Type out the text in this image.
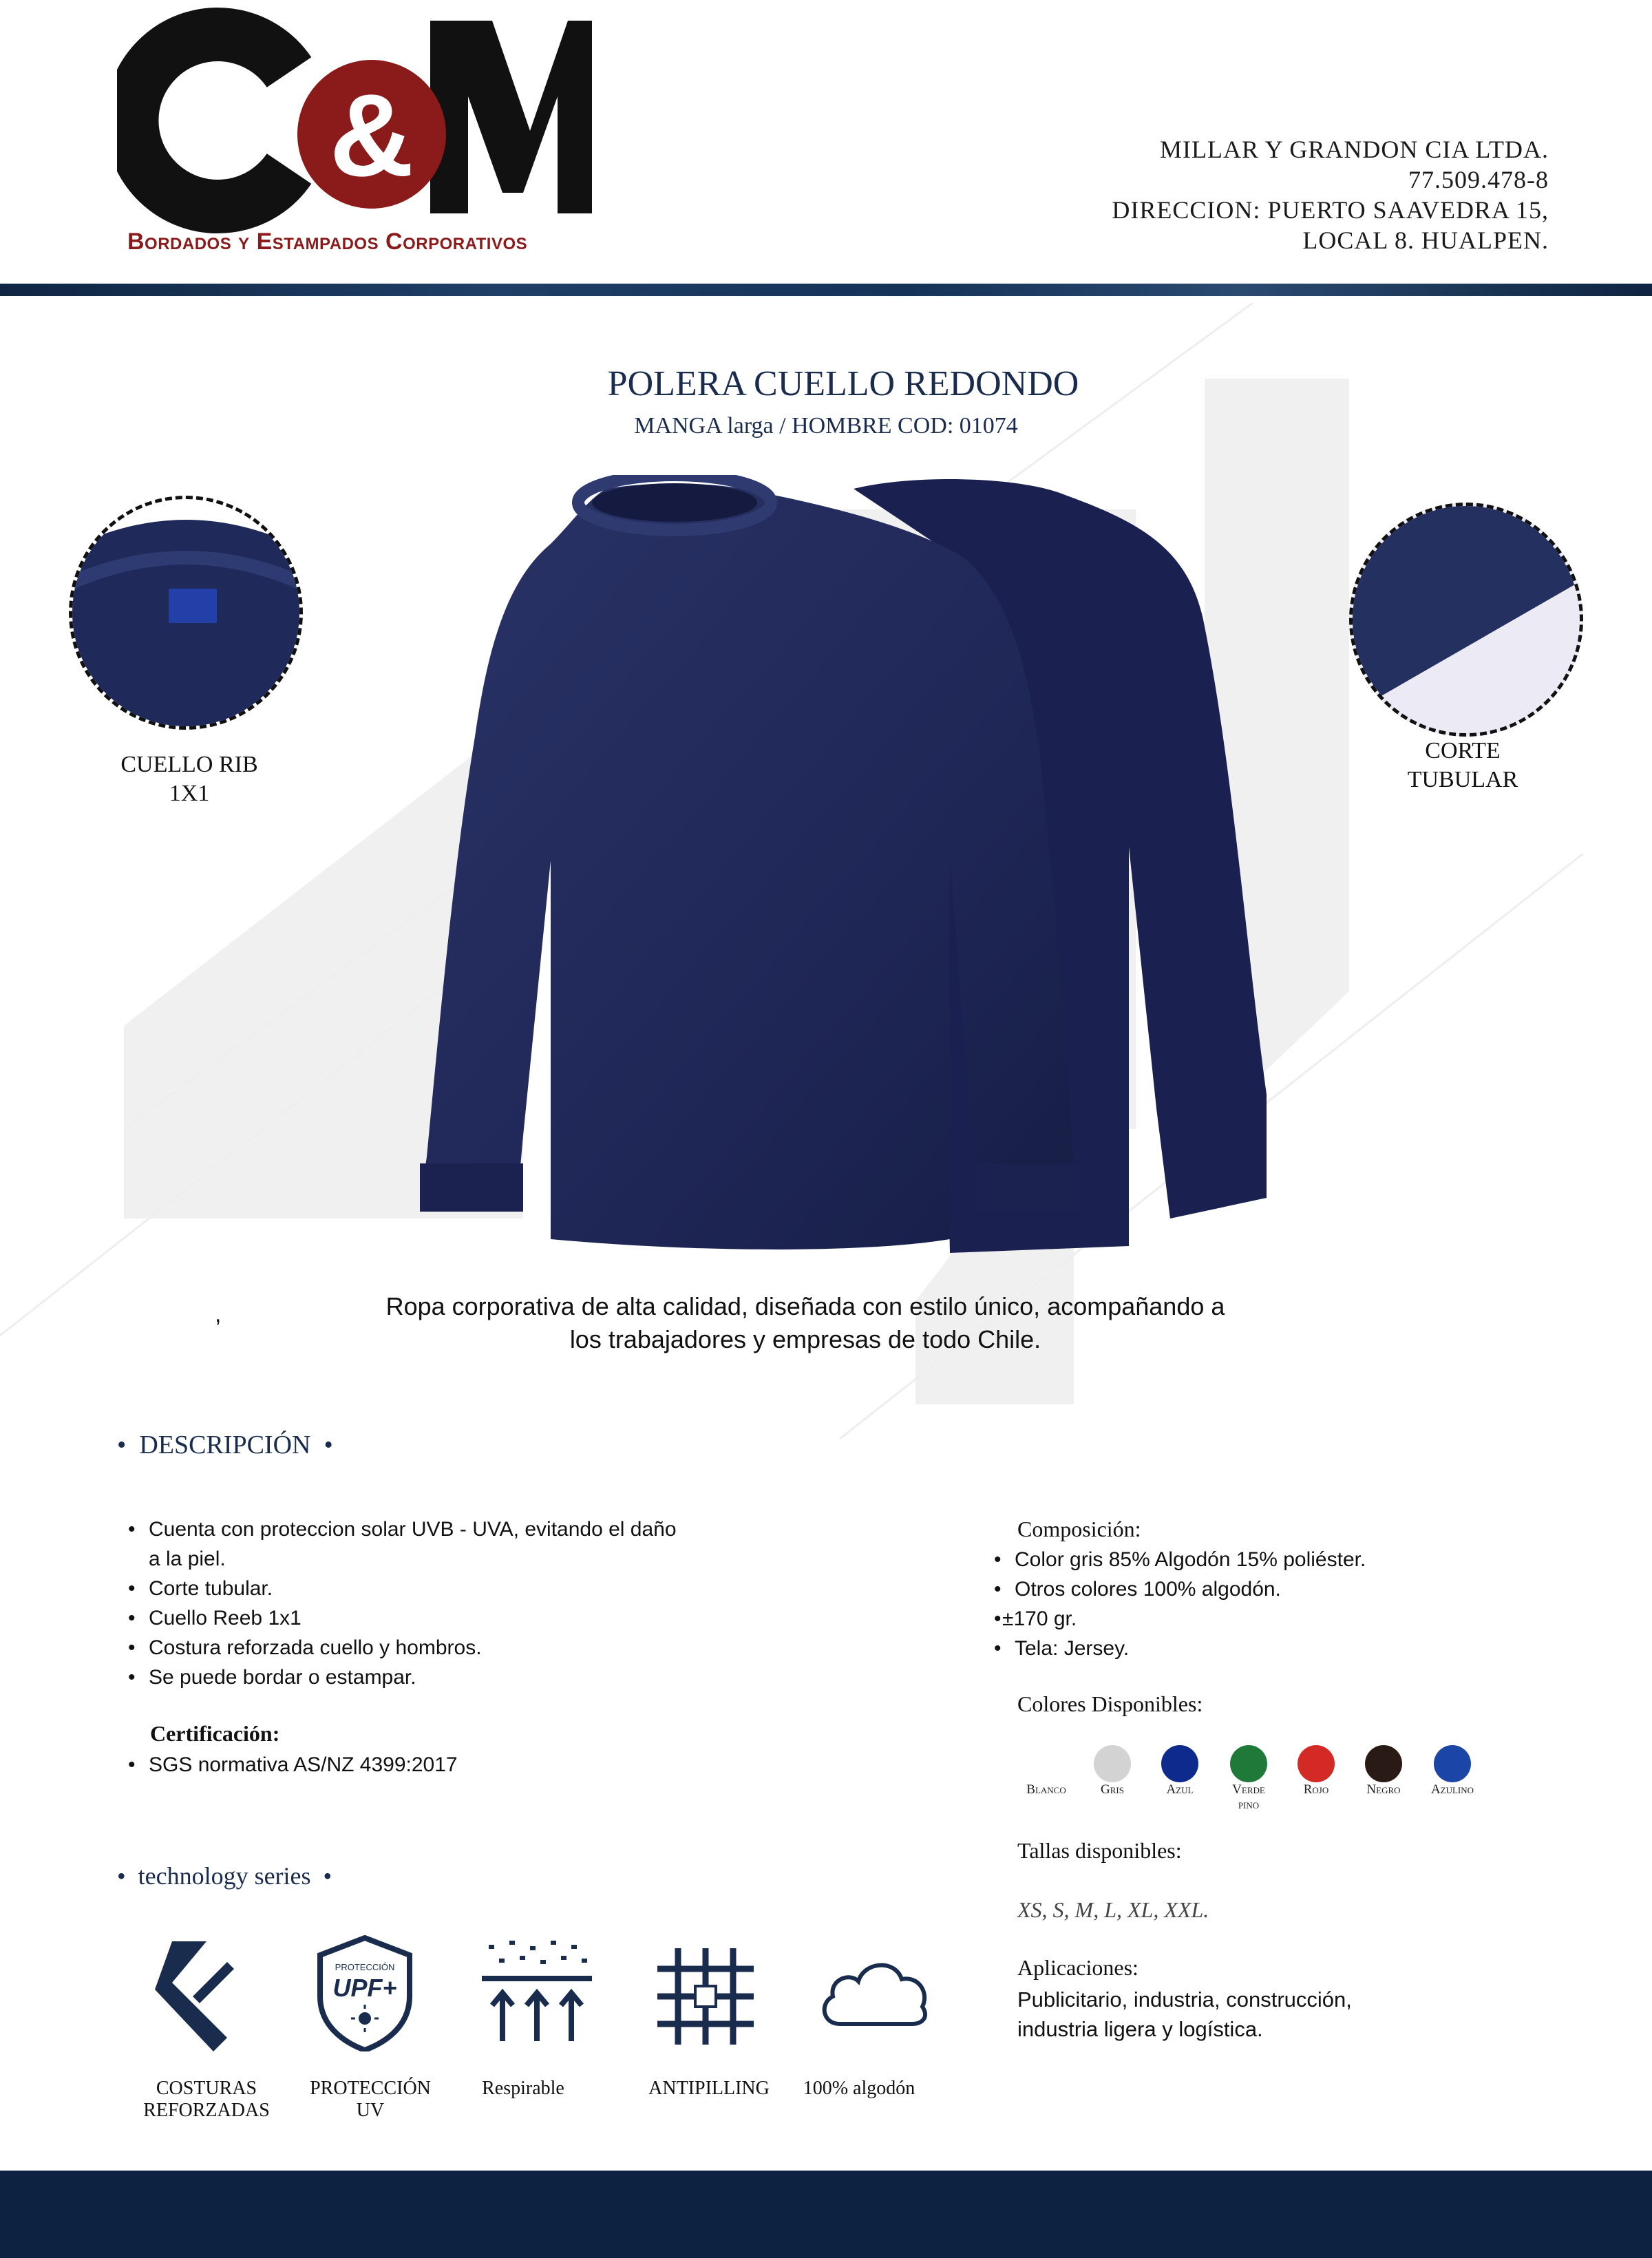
&
Bordados y Estampados Corporativos
MILLAR Y GRANDON CIA LTDA.
77.509.478-8
DIRECCION: PUERTO SAAVEDRA 15,
LOCAL 8. HUALPEN.
POLERA CUELLO REDONDO
MANGA larga / HOMBRE COD: 01074
CUELLO RIB
1X1
CORTE
TUBULAR
,	Ropa corporativa de alta calidad, diseñada con estilo único, acompañando a
los trabajadores y empresas de todo Chile.
•  DESCRIPCIÓN  •
• Cuenta con proteccion solar UVB - UVA, evitando el daño
a la piel.
• Corte tubular.
• Cuello Reeb 1x1
• Costura reforzada cuello y hombros.
• Se puede bordar o estampar.
Certificación:
• SGS normativa AS/NZ 4399:2017
Composición:
• Color gris 85% Algodón 15% poliéster.
• Otros colores 100% algodón.
• ±170 gr.
• Tela: Jersey.
Colores Disponibles:
Blanco	Gris	Azul	Verde
pino
Rojo	Negro	Azulino
Tallas disponibles:
XS, S, M, L, XL, XXL.
Aplicaciones:
Publicitario, industria, construcción,
industria ligera y logística.
•  technology series  •
PROTECCIÓN
UPF+
COSTURAS
REFORZADAS
PROTECCIÓN
UV
Respirable	ANTIPILLING	100% algodón
